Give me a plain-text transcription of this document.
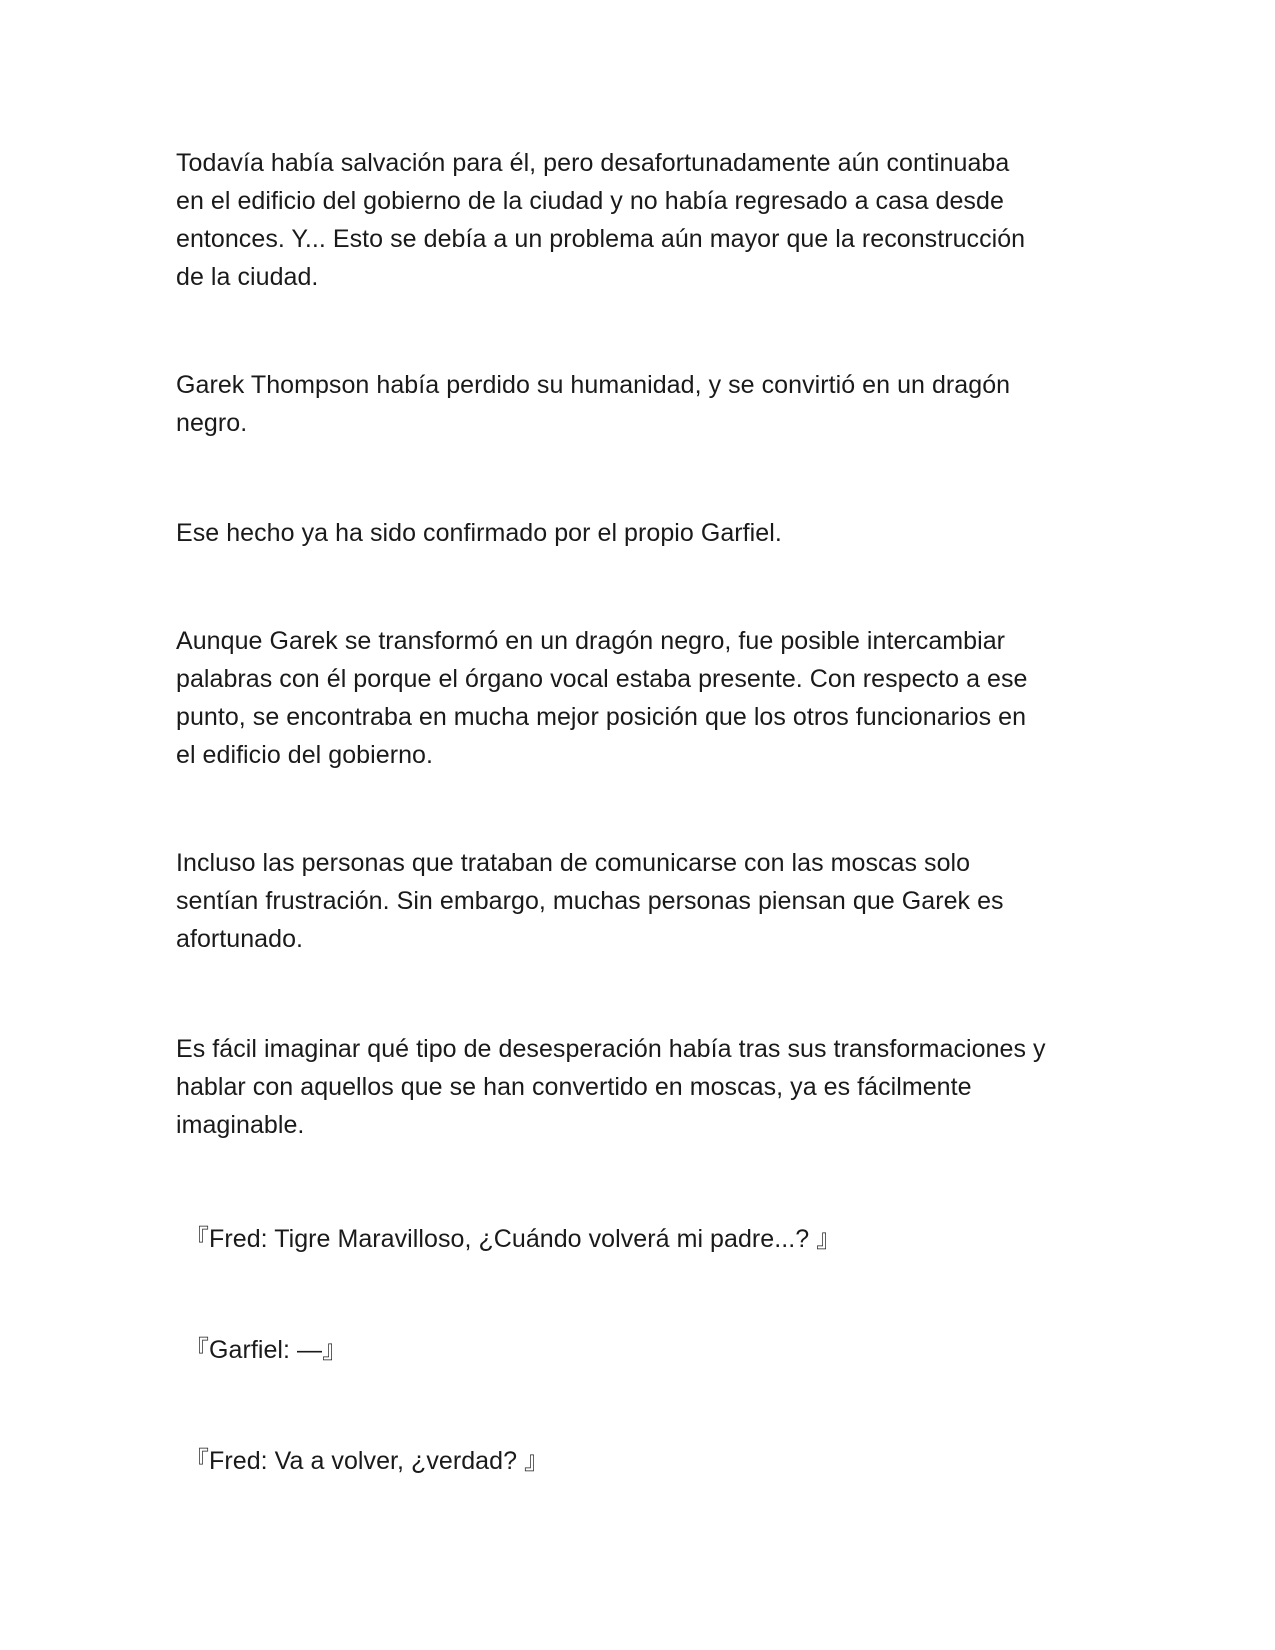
Todavía había salvación para él, pero desafortunadamente aún continuaba
en el edificio del gobierno de la ciudad y no había regresado a casa desde
entonces. Y... Esto se debía a un problema aún mayor que la reconstrucción
de la ciudad.

Garek Thompson había perdido su humanidad, y se convirtió en un dragón
negro.

Ese hecho ya ha sido confirmado por el propio Garfiel.

Aunque Garek se transformó en un dragón negro, fue posible intercambiar
palabras con él porque el órgano vocal estaba presente. Con respecto a ese
punto, se encontraba en mucha mejor posición que los otros funcionarios en
el edificio del gobierno.

Incluso las personas que trataban de comunicarse con las moscas solo
sentían frustración. Sin embargo, muchas personas piensan que Garek es
afortunado.

Es fácil imaginar qué tipo de desesperación había tras sus transformaciones y
hablar con aquellos que se han convertido en moscas, ya es fácilmente
imaginable.

『Fred: Tigre Maravilloso, ¿Cuándo volverá mi padre...? 』

『Garfiel: —』

『Fred: Va a volver, ¿verdad? 』
